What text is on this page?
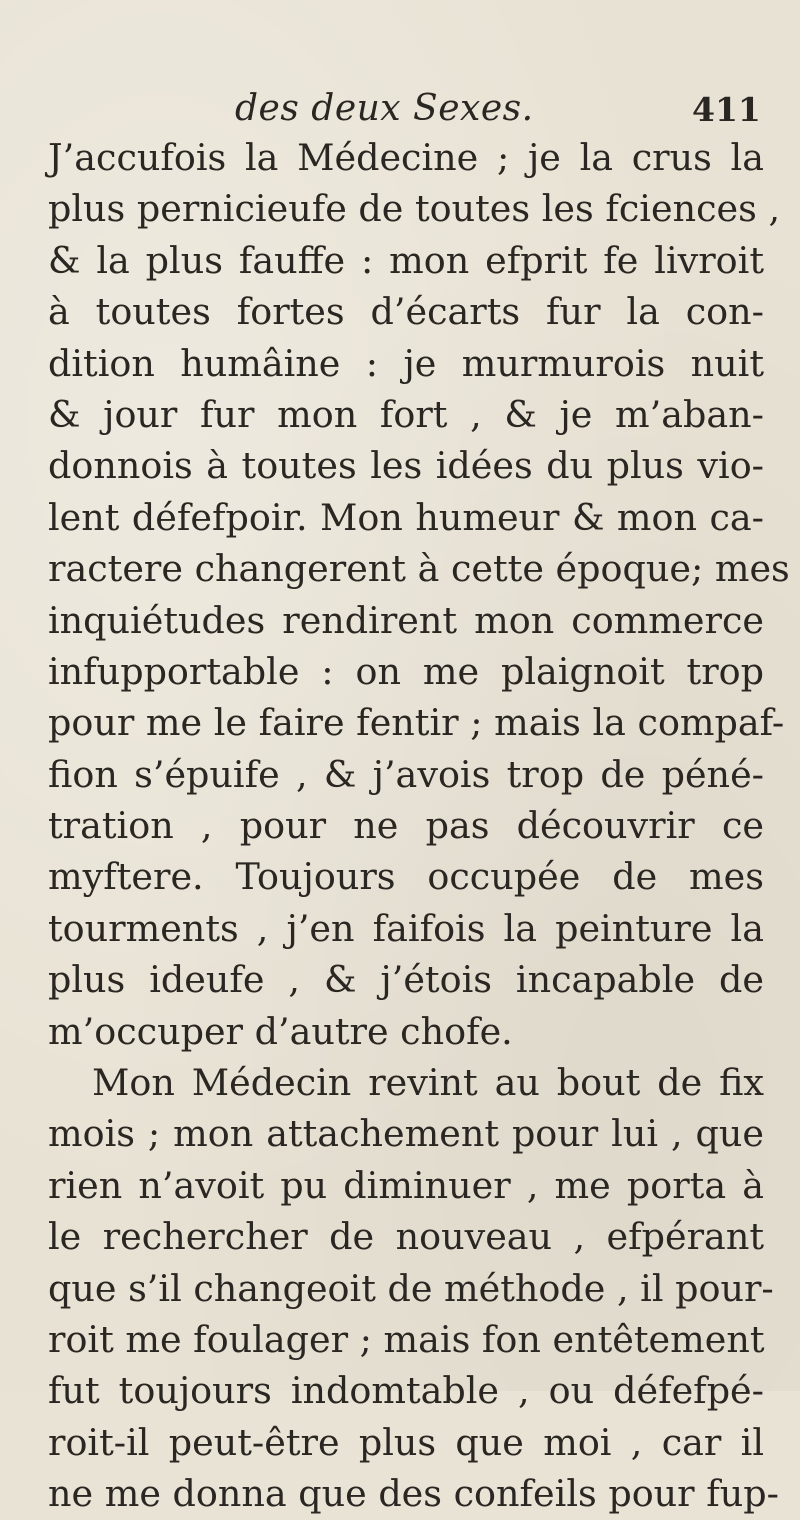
des deux Sexes.	411
J’accufois la Médecine ; je la crus la
plus pernicieufe de toutes les fciences ,
& la plus fauffe : mon efprit fe livroit
à toutes fortes d’écarts fur la con-
dition humâine : je murmurois nuit
& jour fur mon fort , & je m’aban-
donnois à toutes les idées du plus vio-
lent défefpoir. Mon humeur & mon ca-
ractere changerent à cette époque; mes
inquiétudes rendirent mon commerce
infupportable : on me plaignoit trop
pour me le faire fentir ; mais la compaf-
fion s’épuife , & j’avois trop de péné-
tration , pour ne pas découvrir ce
myftere. Toujours occupée de mes
tourments , j’en faifois la peinture la
plus ideufe , & j’étois incapable de
m’occuper d’autre chofe.
Mon Médecin revint au bout de fix
mois ; mon attachement pour lui , que
rien n’avoit pu diminuer , me porta à
le rechercher de nouveau , efpérant
que s’il changeoit de méthode , il pour-
roit me foulager ; mais fon entêtement
fut toujours indomtable , ou défefpé-
roit-il peut-être plus que moi , car il
ne me donna que des confeils pour fup-
